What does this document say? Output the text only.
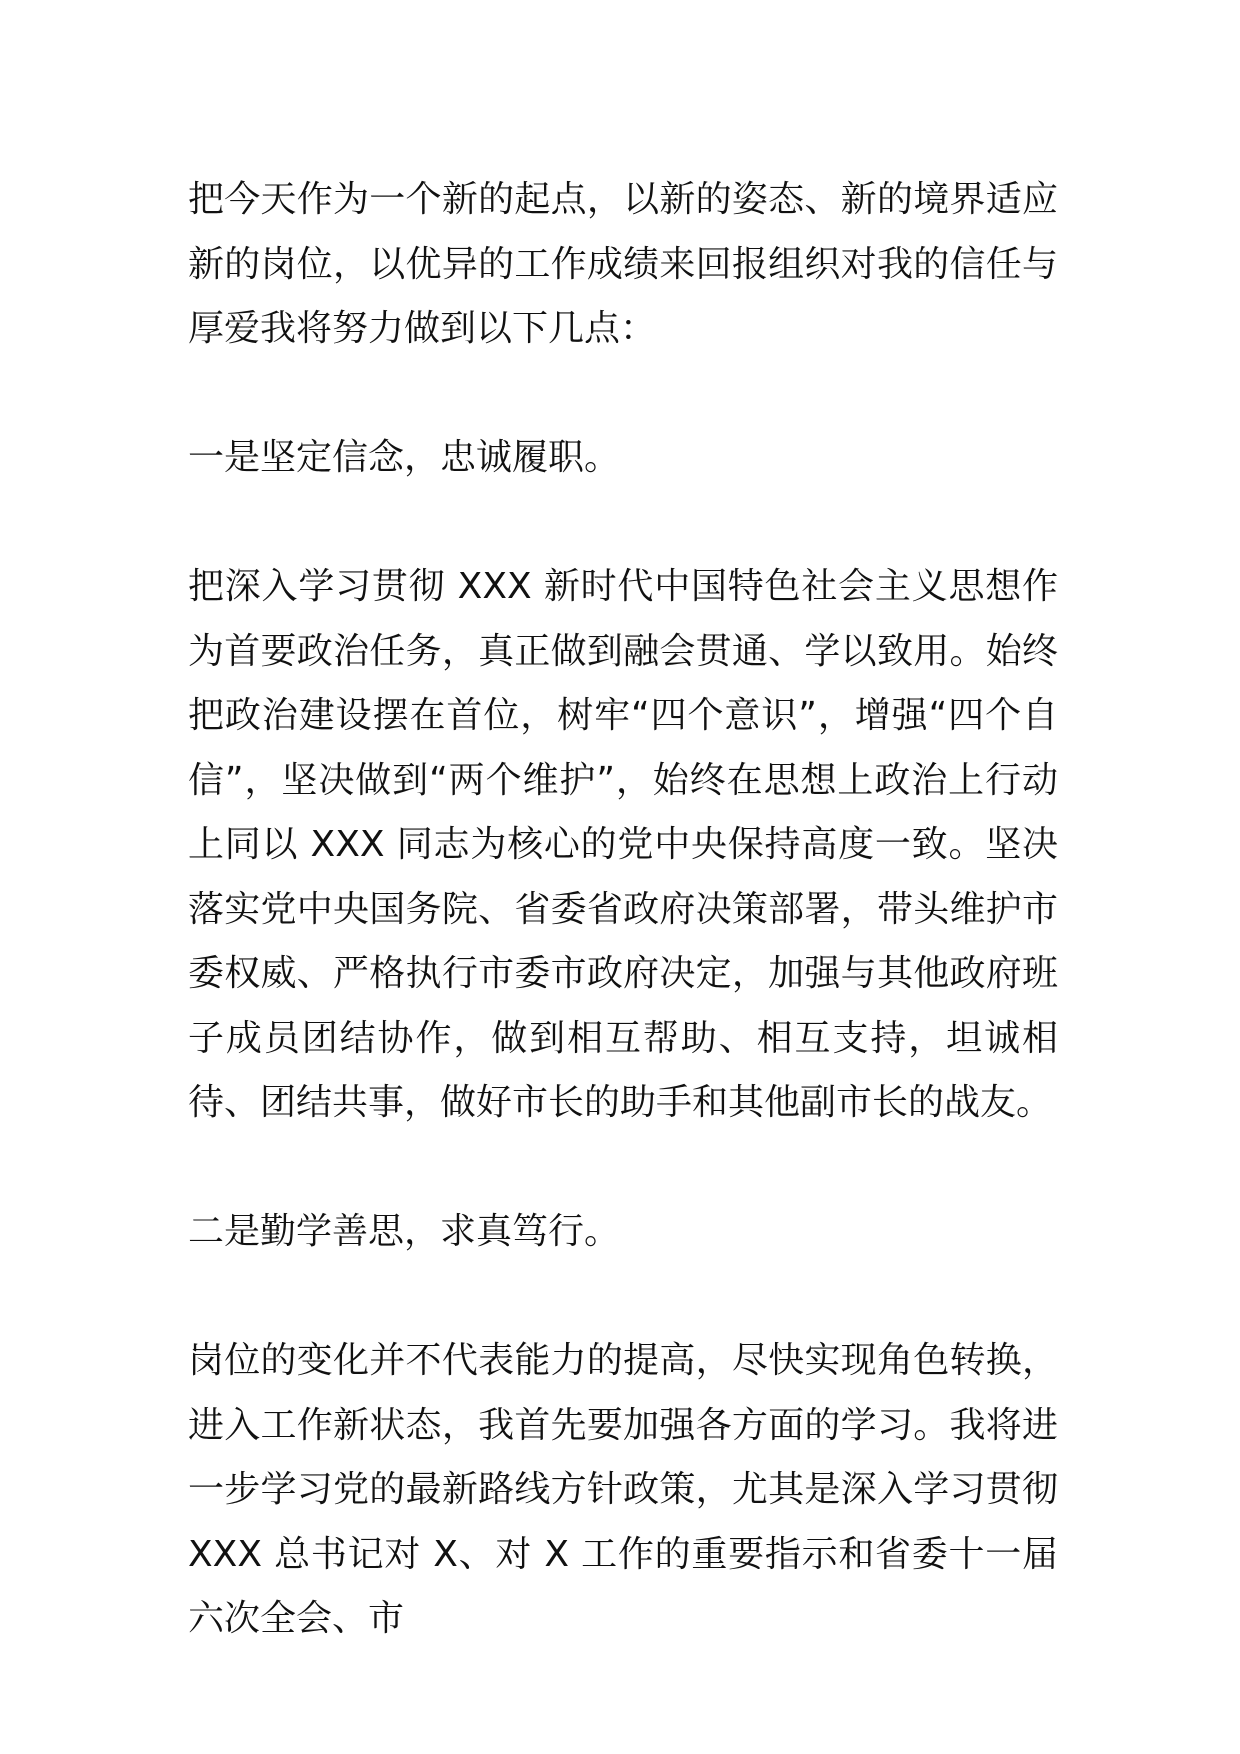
把今天作为一个新的起点，以新的姿态、新的境界适应新的岗位，以优异的工作成绩来回报组织对我的信任与厚爱我将努力做到以下几点：

一是坚定信念，忠诚履职。

把深入学习贯彻 XXX 新时代中国特色社会主义思想作为首要政治任务，真正做到融会贯通、学以致用。始终把政治建设摆在首位，树牢“四个意识”，增强“四个自信”，坚决做到“两个维护”，始终在思想上政治上行动上同以 XXX 同志为核心的党中央保持高度一致。坚决落实党中央国务院、省委省政府决策部署，带头维护市委权威、严格执行市委市政府决定，加强与其他政府班子成员团结协作，做到相互帮助、相互支持，坦诚相待、团结共事，做好市长的助手和其他副市长的战友。

二是勤学善思，求真笃行。

岗位的变化并不代表能力的提高，尽快实现角色转换，进入工作新状态，我首先要加强各方面的学习。我将进一步学习党的最新路线方针政策，尤其是深入学习贯彻 XXX 总书记对 X、对 X 工作的重要指示和省委十一届六次全会、市
